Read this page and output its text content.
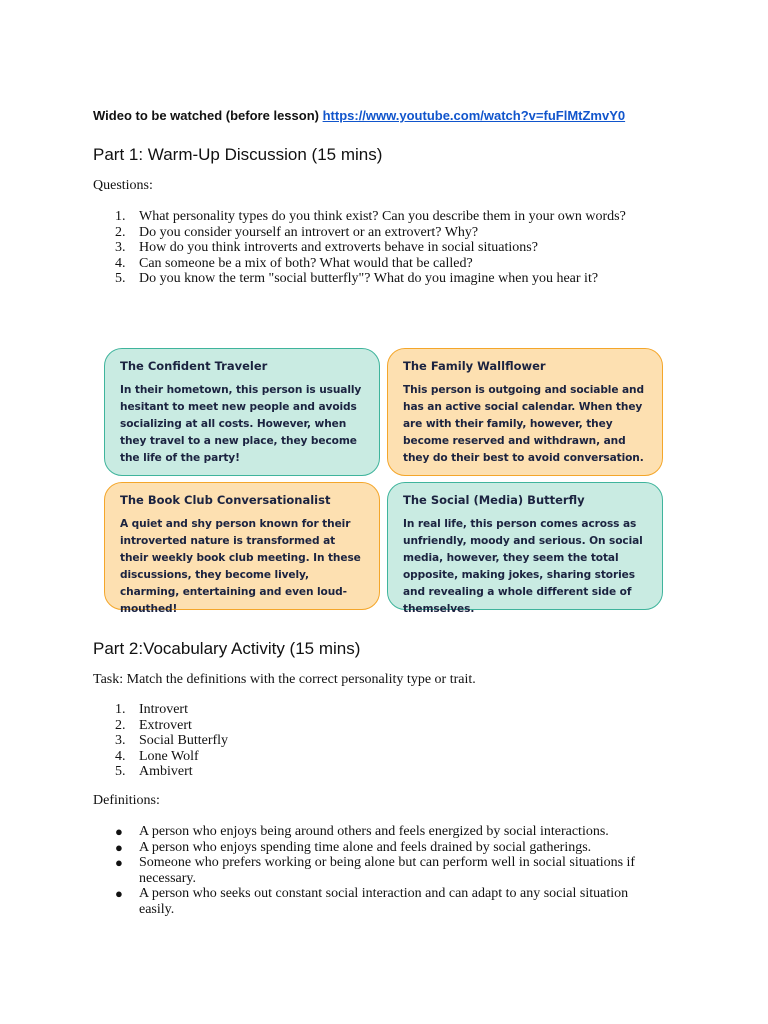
Wideo to be watched (before lesson) https://www.youtube.com/watch?v=fuFlMtZmvY0
Part 1: Warm-Up Discussion (15 mins)

Questions:

1. What personality types do you think exist? Can you describe them in your own words?
2. Do you consider yourself an introvert or an extrovert? Why?
3. How do you think introverts and extroverts behave in social situations?
4. Can someone be a mix of both? What would that be called?
5. Do you know the term "social butterfly"? What do you imagine when you hear it?

The Confident Traveler

In their hometown, this person is usually hesitant to meet new people and avoids socializing at all costs. However, when they travel to a new place, they become the life of the party!

The Family Wallflower

This person is outgoing and sociable and has an active social calendar. When they are with their family, however, they become reserved and withdrawn, and they do their best to avoid conversation.

The Book Club Conversationalist

A quiet and shy person known for their introverted nature is transformed at their weekly book club meeting. In these discussions, they become lively, charming, entertaining and even loud-mouthed!

The Social (Media) Butterfly

In real life, this person comes across as unfriendly, moody and serious. On social media, however, they seem the total opposite, making jokes, sharing stories and revealing a whole different side of themselves.

Part 2:Vocabulary Activity (15 mins)

Task: Match the definitions with the correct personality type or trait.

1. Introvert
2. Extrovert
3. Social Butterfly
4. Lone Wolf
5. Ambivert

Definitions:

● A person who enjoys being around others and feels energized by social interactions.
● A person who enjoys spending time alone and feels drained by social gatherings.
● Someone who prefers working or being alone but can perform well in social situations if necessary.
● A person who seeks out constant social interaction and can adapt to any social situation easily.
